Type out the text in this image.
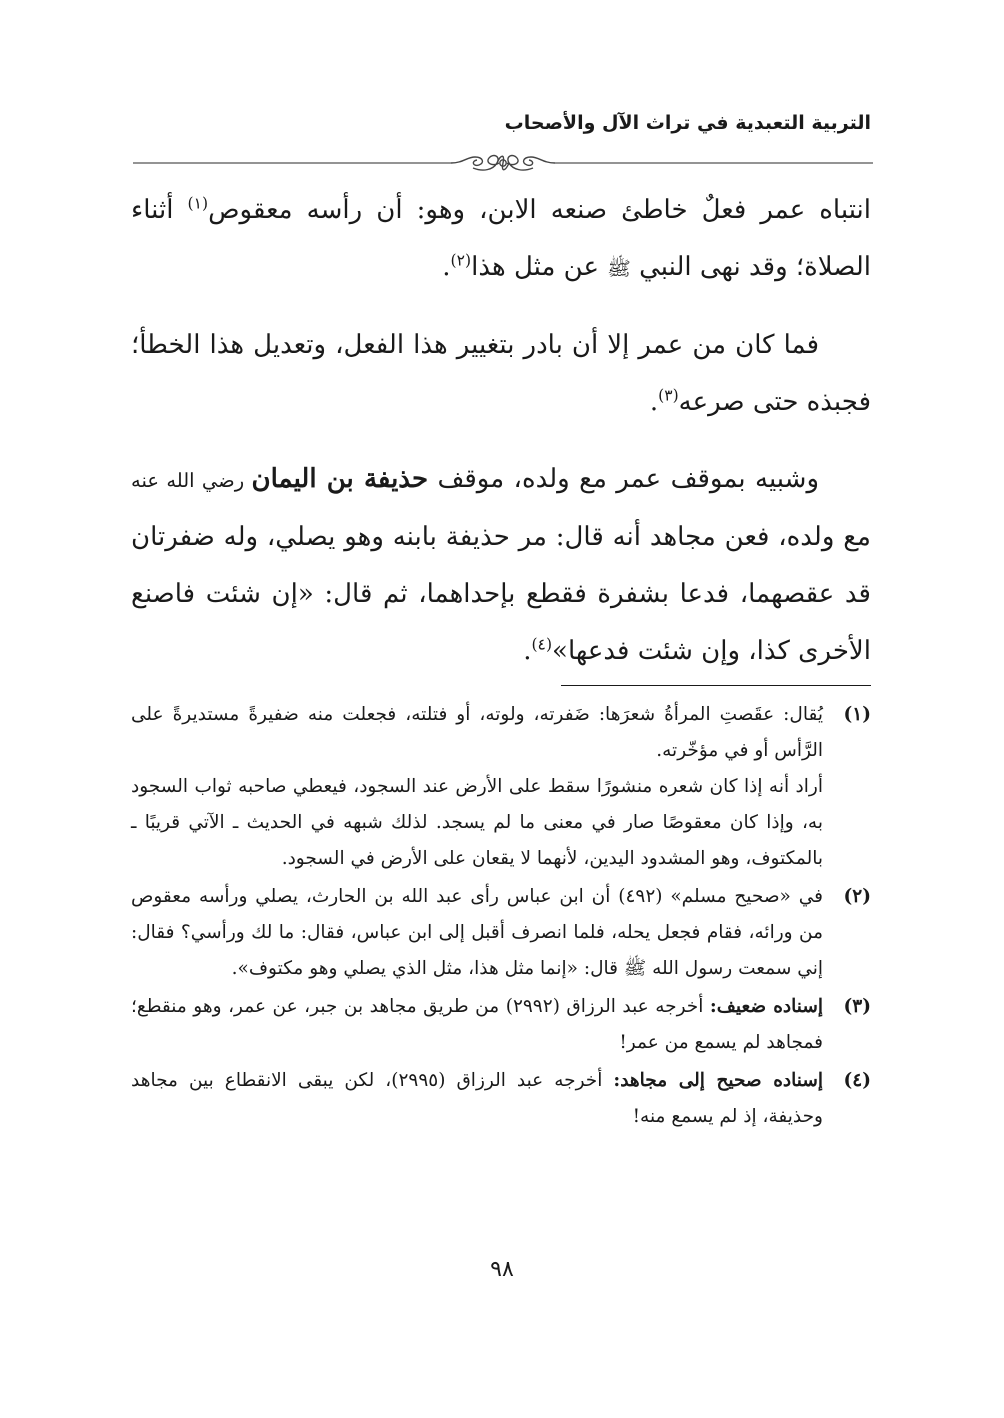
التربية التعبدية في تراث الآل والأصحاب

انتباه عمر فعلٌ خاطئ صنعه الابن، وهو: أن رأسه معقوص$^{(١)}$ أثناء الصلاة؛ وقد نهى النبي ﷺ عن مثل هذا$^{(٢)}$.

فما كان من عمر إلا أن بادر بتغيير هذا الفعل، وتعديل هذا الخطأ؛ فجبذه حتى صرعه$^{(٣)}$.

وشبيه بموقف عمر مع ولده، موقف حذيفة بن اليمان رضي الله عنه مع ولده، فعن مجاهد أنه قال: مر حذيفة بابنه وهو يصلي، وله ضفرتان قد عقصهما، فدعا بشفرة فقطع بإحداهما، ثم قال: «إن شئت فاصنع الأخرى كذا، وإن شئت فدعها»$^{(٤)}$.

(١)

يُقال: عقَصتِ المرأةُ شعرَها: ضَفرته، ولوته، أو فتلته، فجعلت منه ضفيرةً مستديرةً على الرَّأس أو في مؤخّرته.

أراد أنه إذا كان شعره منشورًا سقط على الأرض عند السجود، فيعطي صاحبه ثواب السجود به، وإذا كان معقوصًا صار في معنى ما لم يسجد. لذلك شبهه في الحديث ـ الآتي قريبًا ـ بالمكتوف، وهو المشدود اليدين، لأنهما لا يقعان على الأرض في السجود.

(٢)

في «صحيح مسلم» (٤٩٢) أن ابن عباس رأى عبد الله بن الحارث، يصلي ورأسه معقوص من ورائه، فقام فجعل يحله، فلما انصرف أقبل إلى ابن عباس، فقال: ما لك ورأسي؟ فقال: إني سمعت رسول الله ﷺ قال: «إنما مثل هذا، مثل الذي يصلي وهو مكتوف».

(٣)

إسناده ضعيف: أخرجه عبد الرزاق (٢٩٩٢) من طريق مجاهد بن جبر، عن عمر، وهو منقطع؛ فمجاهد لم يسمع من عمر!

(٤)

إسناده صحيح إلى مجاهد: أخرجه عبد الرزاق (٢٩٩٥)، لكن يبقى الانقطاع بين مجاهد وحذيفة، إذ لم يسمع منه!

٩٨
